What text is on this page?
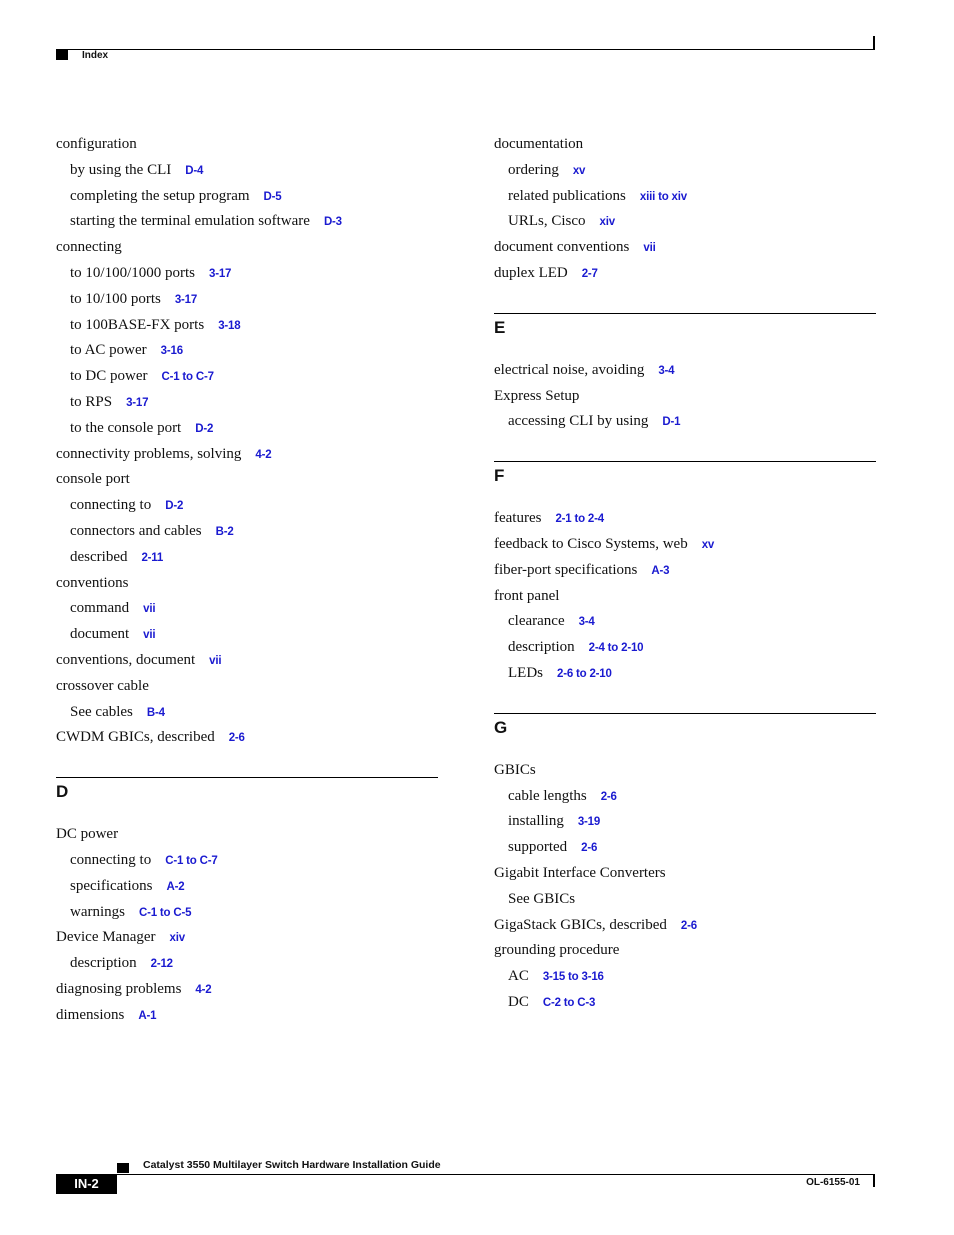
Index
configuration
by using the CLI D-4
completing the setup program D-5
starting the terminal emulation software D-3
connecting
to 10/100/1000 ports 3-17
to 10/100 ports 3-17
to 100BASE-FX ports 3-18
to AC power 3-16
to DC power C-1 to C-7
to RPS 3-17
to the console port D-2
connectivity problems, solving 4-2
console port
connecting to D-2
connectors and cables B-2
described 2-11
conventions
command vii
document vii
conventions, document vii
crossover cable
See cables B-4
CWDM GBICs, described 2-6
D
DC power
connecting to C-1 to C-7
specifications A-2
warnings C-1 to C-5
Device Manager xiv
description 2-12
diagnosing problems 4-2
dimensions A-1
documentation
ordering xv
related publications xiii to xiv
URLs, Cisco xiv
document conventions vii
duplex LED 2-7
E
electrical noise, avoiding 3-4
Express Setup
accessing CLI by using D-1
F
features 2-1 to 2-4
feedback to Cisco Systems, web xv
fiber-port specifications A-3
front panel
clearance 3-4
description 2-4 to 2-10
LEDs 2-6 to 2-10
G
GBICs
cable lengths 2-6
installing 3-19
supported 2-6
Gigabit Interface Converters
See GBICs
GigaStack GBICs, described 2-6
grounding procedure
AC 3-15 to 3-16
DC C-2 to C-3
Catalyst 3550 Multilayer Switch Hardware Installation Guide
IN-2	OL-6155-01
